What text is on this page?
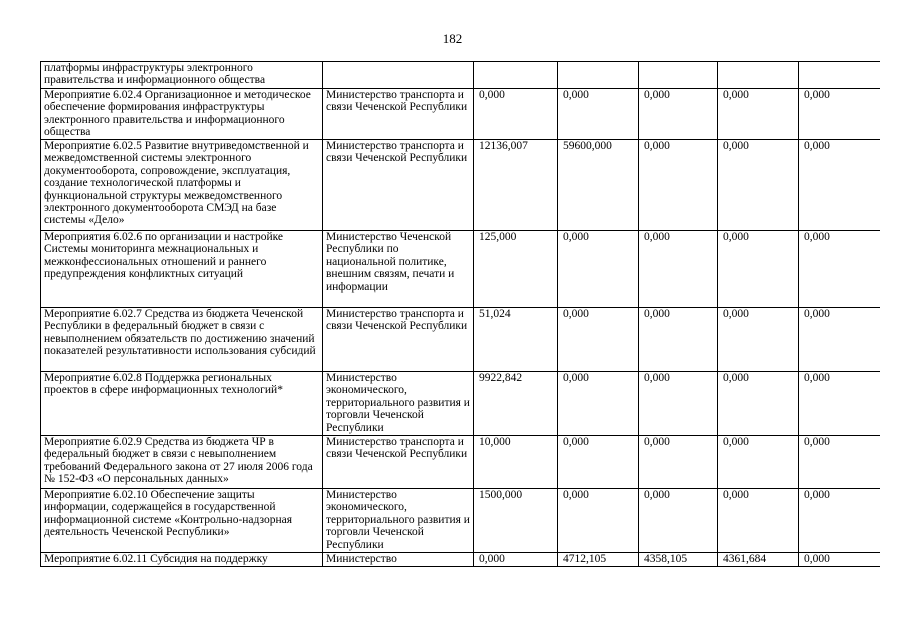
182
платформы инфраструктуры электронного правительства и информационного общества						
Мероприятие 6.02.4 Организационное и методическое обеспечение формирования инфраструктуры электронного правительства и информационного общества	Министерство транспорта и связи Чеченской Республики	0,000	0,000	0,000	0,000	0,000
Мероприятие 6.02.5 Развитие внутриведомственной и межведомственной системы электронного документооборота, сопровождение, эксплуатация, создание технологической платформы и функциональной структуры межведомственного электронного документооборота СМЭД на базе системы «Дело»	Министерство транспорта и связи Чеченской Республики	12136,007	59600,000	0,000	0,000	0,000
Мероприятия 6.02.6 по организации и настройке Системы мониторинга межнациональных и межконфессиональных отношений и раннего предупреждения конфликтных ситуаций	Министерство Чеченской Республики по национальной политике, внешним связям, печати и информации	125,000	0,000	0,000	0,000	0,000
Мероприятие 6.02.7 Средства из бюджета Чеченской Республики в федеральный бюджет в связи с невыполнением обязательств по достижению значений показателей результативности использования субсидий	Министерство транспорта и связи Чеченской Республики	51,024	0,000	0,000	0,000	0,000
Мероприятие 6.02.8 Поддержка региональных проектов в сфере информационных технологий*	Министерство экономического, территориального развития и торговли Чеченской Республики	9922,842	0,000	0,000	0,000	0,000
Мероприятие 6.02.9 Средства из бюджета ЧР в федеральный бюджет в связи с невыполнением требований Федерального закона от 27 июля 2006 года № 152-ФЗ «О персональных данных»	Министерство транспорта и связи Чеченской Республики	10,000	0,000	0,000	0,000	0,000
Мероприятие 6.02.10 Обеспечение защиты информации, содержащейся в государственной информационной системе «Контрольно-надзорная деятельность Чеченской Республики»	Министерство экономического, территориального развития и торговли Чеченской Республики	1500,000	0,000	0,000	0,000	0,000
Мероприятие 6.02.11 Субсидия на поддержку	Министерство	0,000	4712,105	4358,105	4361,684	0,000
